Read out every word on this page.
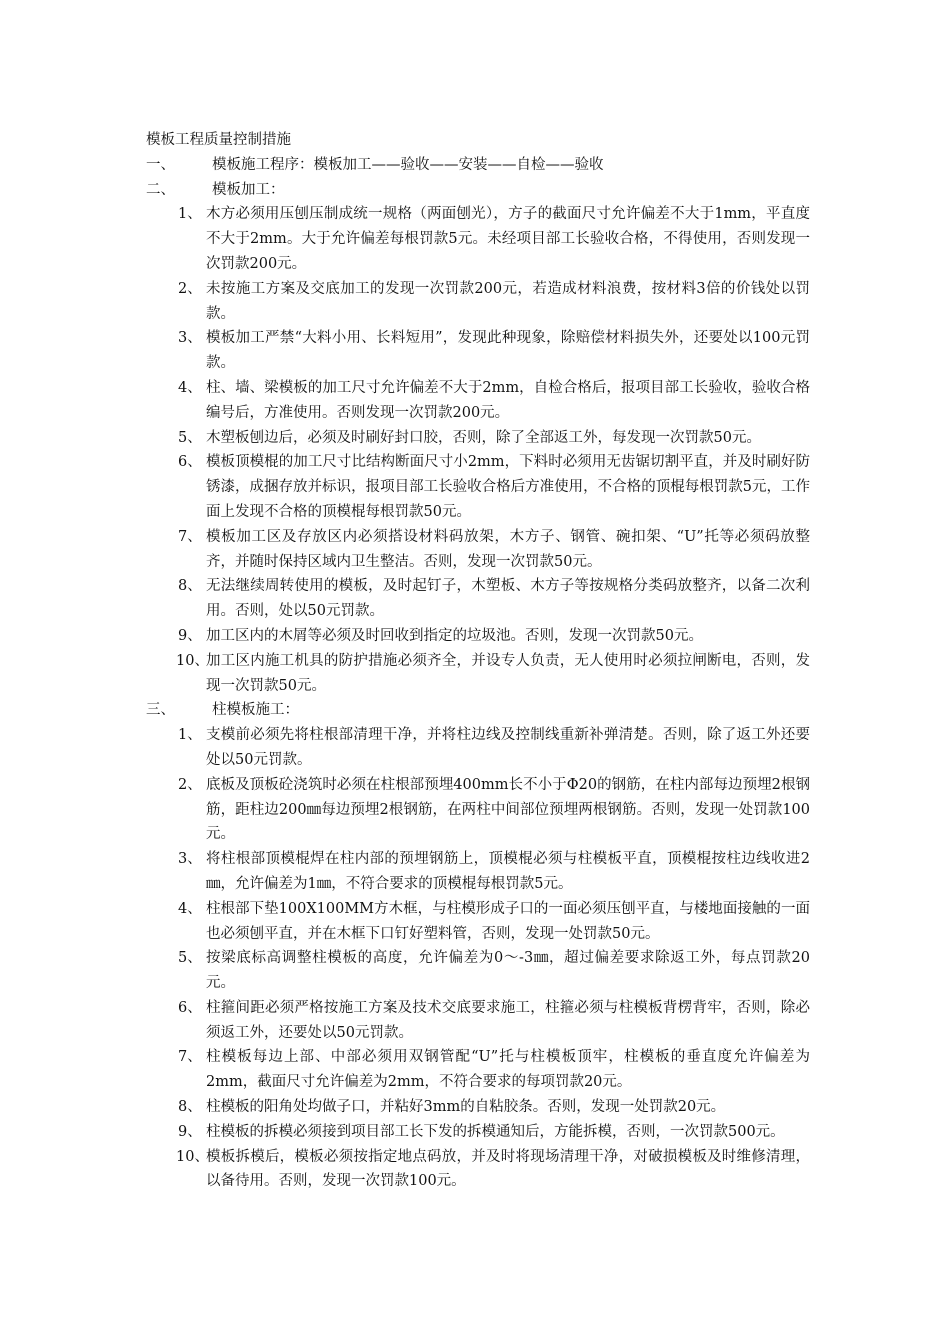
模板工程质量控制措施
一、	模板施工程序：模板加工——验收——安装——自检——验收
二、	模板加工：
1、 木方必须用压刨压制成统一规格（两面刨光），方子的截面尺寸允许偏差不大于1mm，平直度不大于2mm。大于允许偏差每根罚款5元。未经项目部工长验收合格，不得使用，否则发现一次罚款200元。
2、 未按施工方案及交底加工的发现一次罚款200元，若造成材料浪费，按材料3倍的价钱处以罚款。
3、 模板加工严禁“大料小用、长料短用”，发现此种现象，除赔偿材料损失外，还要处以100元罚款。
4、 柱、墙、梁模板的加工尺寸允许偏差不大于2mm，自检合格后，报项目部工长验收，验收合格编号后，方准使用。否则发现一次罚款200元。
5、 木塑板刨边后，必须及时刷好封口胶，否则，除了全部返工外，每发现一次罚款50元。
6、 模板顶模棍的加工尺寸比结构断面尺寸小2mm，下料时必须用无齿锯切割平直，并及时刷好防锈漆，成捆存放并标识，报项目部工长验收合格后方准使用，不合格的顶棍每根罚款5元，工作面上发现不合格的顶模棍每根罚款50元。
7、 模板加工区及存放区内必须搭设材料码放架，木方子、钢管、碗扣架、“U”托等必须码放整齐，并随时保持区域内卫生整洁。否则，发现一次罚款50元。
8、 无法继续周转使用的模板，及时起钉子，木塑板、木方子等按规格分类码放整齐，以备二次利用。否则，处以50元罚款。
9、 加工区内的木屑等必须及时回收到指定的垃圾池。否则，发现一次罚款50元。
10、
加工区内施工机具的防护措施必须齐全，并设专人负责，无人使用时必须拉闸断电，否则，发现一次罚款50元。
三、	柱模板施工：
1、 支模前必须先将柱根部清理干净，并将柱边线及控制线重新补弹清楚。否则，除了返工外还要处以50元罚款。
2、 底板及顶板砼浇筑时必须在柱根部预埋400mm长不小于Φ20的钢筋，在柱内部每边预埋2根钢筋，距柱边200㎜每边预埋2根钢筋，在两柱中间部位预埋两根钢筋。否则，发现一处罚款100元。
3、 将柱根部顶模棍焊在柱内部的预埋钢筋上，顶模棍必须与柱模板平直，顶模棍按柱边线收进2㎜，允许偏差为1㎜，不符合要求的顶模棍每根罚款5元。
4、 柱根部下垫100X100MM方木框，与柱模形成子口的一面必须压刨平直，与楼地面接触的一面也必须刨平直，并在木框下口钉好塑料管，否则，发现一处罚款50元。
5、 按梁底标高调整柱模板的高度，允许偏差为0～-3㎜，超过偏差要求除返工外，每点罚款20元。
6、 柱箍间距必须严格按施工方案及技术交底要求施工，柱箍必须与柱模板背楞背牢，否则，除必须返工外，还要处以50元罚款。
7、 柱模板每边上部、中部必须用双钢管配“U”托与柱模板顶牢，柱模板的垂直度允许偏差为2mm，截面尺寸允许偏差为2mm，不符合要求的每项罚款20元。
8、 柱模板的阳角处均做子口，并粘好3mm的自粘胶条。否则，发现一处罚款20元。
9、 柱模板的拆模必须接到项目部工长下发的拆模通知后，方能拆模，否则，一次罚款500元。
10、
模板拆模后，模板必须按指定地点码放，并及时将现场清理干净，对破损模板及时维修清理，以备待用。否则，发现一次罚款100元。
